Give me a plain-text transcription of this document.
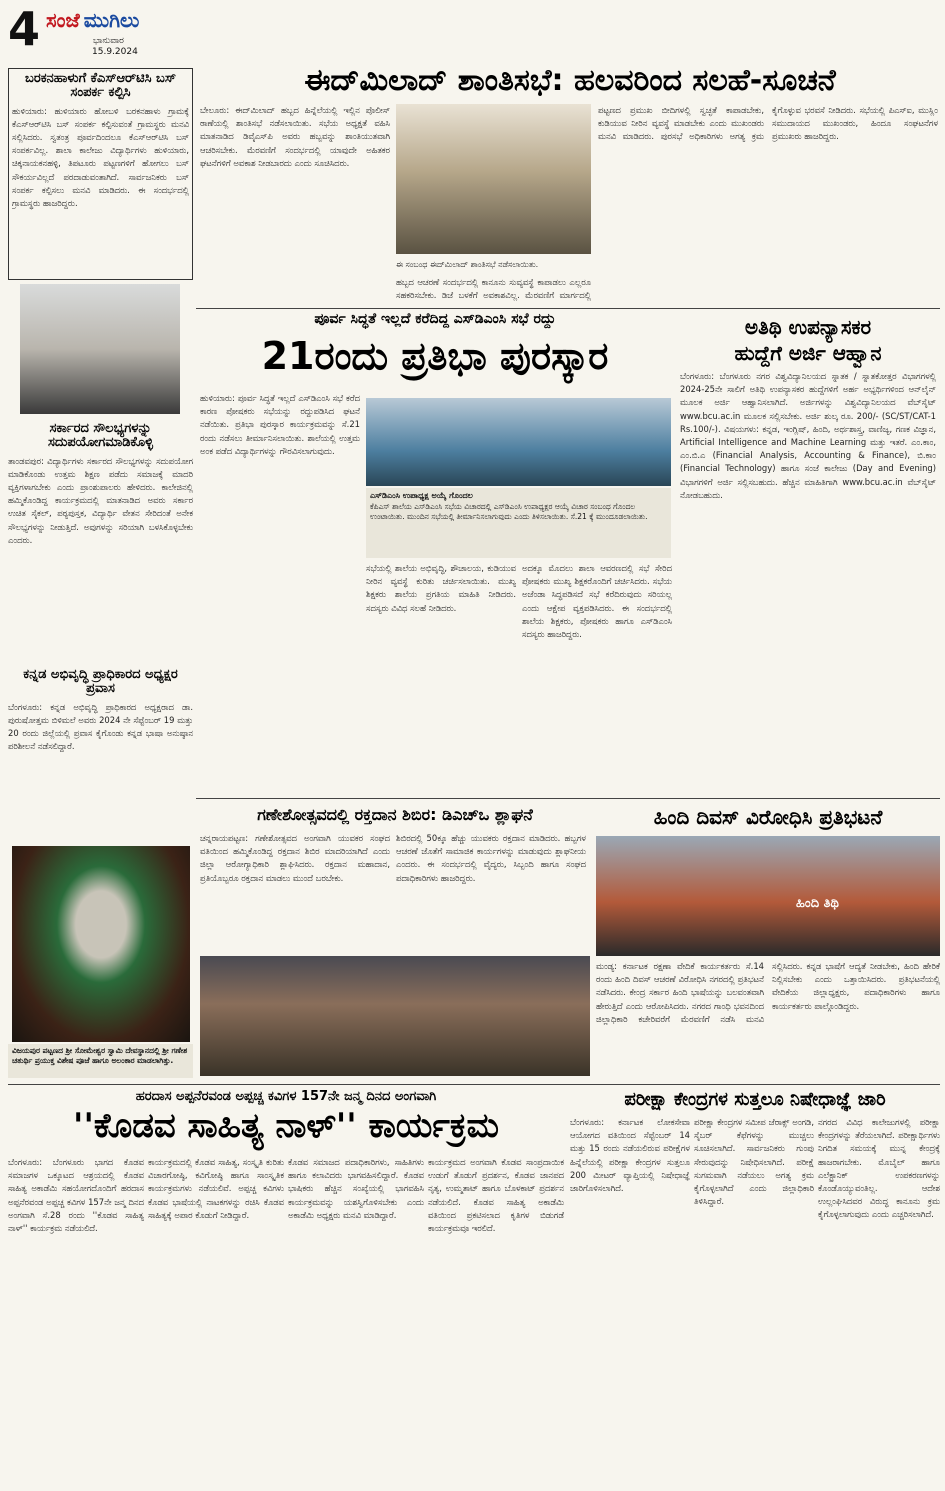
4 ಸಂಜೆ ಮುಗಿಲು
ಭಾನುವಾರ
15.9.2024
ಬರಕನಹಾಳುಗೆ ಕೆಎಸ್‌ಆರ್‌ಟಿಸಿ ಬಸ್ ಸಂಪರ್ಕ ಕಲ್ಪಿಸಿ
ಹುಳಿಯಾರು: ಹುಳಿಯಾರು ಹೋಬಳಿ ಬರಕನಹಾಳು ಗ್ರಾಮಕ್ಕೆ ಕೆಎಸ್‌ಆರ್‌ಟಿಸಿ ಬಸ್ ಸಂಪರ್ಕ ಕಲ್ಪಿಸುವಂತೆ ಗ್ರಾಮಸ್ಥರು ಮನವಿ ಸಲ್ಲಿಸಿದರು. ಸ್ವತಂತ್ರ ಪೂರ್ವದಿಂದಲೂ ಕೆಎಸ್‌ಆರ್‌ಟಿಸಿ ಬಸ್ ಸಂಪರ್ಕವಿಲ್ಲ. ಶಾಲಾ ಕಾಲೇಜು ವಿದ್ಯಾರ್ಥಿಗಳು ಹುಳಿಯಾರು, ಚಿಕ್ಕನಾಯಕನಹಳ್ಳಿ, ತಿಪಟೂರು ಪಟ್ಟಣಗಳಿಗೆ ಹೋಗಲು ಬಸ್ ಸೌಕರ್ಯವಿಲ್ಲದೆ ಪರದಾಡುವಂತಾಗಿದೆ. ಸಾರ್ವಜನಿಕರು ಬಸ್ ಸಂಪರ್ಕ ಕಲ್ಪಿಸಲು ಮನವಿ ಮಾಡಿದರು. ಈ ಸಂದರ್ಭದಲ್ಲಿ ಗ್ರಾಮಸ್ಥರು ಹಾಜರಿದ್ದರು.
ಸರ್ಕಾರದ ಸೌಲಭ್ಯಗಳನ್ನು ಸದುಪಯೋಗಮಾಡಿಕೊಳ್ಳಿ
ತಾಂಡವಪುರ: ವಿದ್ಯಾರ್ಥಿಗಳು ಸರ್ಕಾರದ ಸೌಲಭ್ಯಗಳನ್ನು ಸದುಪಯೋಗ ಮಾಡಿಕೊಂಡು ಉತ್ತಮ ಶಿಕ್ಷಣ ಪಡೆದು ಸಮಾಜಕ್ಕೆ ಮಾದರಿ ವ್ಯಕ್ತಿಗಳಾಗಬೇಕು ಎಂದು ಪ್ರಾಂಶುಪಾಲರು ಹೇಳಿದರು. ಕಾಲೇಜಿನಲ್ಲಿ ಹಮ್ಮಿಕೊಂಡಿದ್ದ ಕಾರ್ಯಕ್ರಮದಲ್ಲಿ ಮಾತನಾಡಿದ ಅವರು ಸರ್ಕಾರ ಉಚಿತ ಸೈಕಲ್, ಪಠ್ಯಪುಸ್ತಕ, ವಿದ್ಯಾರ್ಥಿ ವೇತನ ಸೇರಿದಂತೆ ಅನೇಕ ಸೌಲಭ್ಯಗಳನ್ನು ನೀಡುತ್ತಿದೆ. ಅವುಗಳನ್ನು ಸರಿಯಾಗಿ ಬಳಸಿಕೊಳ್ಳಬೇಕು ಎಂದರು.
ಕನ್ನಡ ಅಭಿವೃದ್ಧಿ ಪ್ರಾಧಿಕಾರದ ಅಧ್ಯಕ್ಷರ ಪ್ರವಾಸ
ಬೆಂಗಳೂರು: ಕನ್ನಡ ಅಭಿವೃದ್ಧಿ ಪ್ರಾಧಿಕಾರದ ಅಧ್ಯಕ್ಷರಾದ ಡಾ. ಪುರುಷೋತ್ತಮ ಬಿಳಿಮಲೆ ಅವರು 2024 ನೇ ಸೆಪ್ಟೆಂಬರ್ 19 ಮತ್ತು 20 ರಂದು ಜಿಲ್ಲೆಯಲ್ಲಿ ಪ್ರವಾಸ ಕೈಗೊಂಡು ಕನ್ನಡ ಭಾಷಾ ಅನುಷ್ಠಾನ ಪರಿಶೀಲನೆ ನಡೆಸಲಿದ್ದಾರೆ.
ವಿಜಯಪುರ ಪಟ್ಟಣದ ಶ್ರೀ ಸೋಮೇಶ್ವರ ಸ್ವಾಮಿ ದೇವಸ್ಥಾನದಲ್ಲಿ ಶ್ರೀ ಗಣೇಶ ಚತುರ್ಥಿ ಪ್ರಯುಕ್ತ ವಿಶೇಷ ಪೂಜೆ ಹಾಗೂ ಅಲಂಕಾರ ಮಾಡಲಾಗಿತ್ತು.
ಈದ್‌ಮಿಲಾದ್ ಶಾಂತಿಸಭೆ: ಹಲವರಿಂದ ಸಲಹೆ-ಸೂಚನೆ
ಬೇಲೂರು: ಈದ್‌ಮಿಲಾದ್ ಹಬ್ಬದ ಹಿನ್ನೆಲೆಯಲ್ಲಿ ಇಲ್ಲಿನ ಪೊಲೀಸ್ ಠಾಣೆಯಲ್ಲಿ ಶಾಂತಿಸಭೆ ನಡೆಸಲಾಯಿತು. ಸಭೆಯ ಅಧ್ಯಕ್ಷತೆ ವಹಿಸಿ ಮಾತನಾಡಿದ ಡಿವೈಎಸ್‌ಪಿ ಅವರು ಹಬ್ಬವನ್ನು ಶಾಂತಿಯುತವಾಗಿ ಆಚರಿಸಬೇಕು. ಮೆರವಣಿಗೆ ಸಂದರ್ಭದಲ್ಲಿ ಯಾವುದೇ ಅಹಿತಕರ ಘಟನೆಗಳಿಗೆ ಅವಕಾಶ ನೀಡಬಾರದು ಎಂದು ಸೂಚಿಸಿದರು.
ಈ ಸಂಬಂಧ ಈದ್‌ಮಿಲಾದ್ ಶಾಂತಿಸಭೆ ನಡೆಸಲಾಯಿತು.
ಹಬ್ಬದ ಆಚರಣೆ ಸಂದರ್ಭದಲ್ಲಿ ಕಾನೂನು ಸುವ್ಯವಸ್ಥೆ ಕಾಪಾಡಲು ಎಲ್ಲರೂ ಸಹಕರಿಸಬೇಕು. ಡಿಜೆ ಬಳಕೆಗೆ ಅವಕಾಶವಿಲ್ಲ. ಮೆರವಣಿಗೆ ಮಾರ್ಗದಲ್ಲಿ
ಪಟ್ಟಣದ ಪ್ರಮುಖ ಬೀದಿಗಳಲ್ಲಿ ಸ್ವಚ್ಛತೆ ಕಾಪಾಡಬೇಕು, ಕುಡಿಯುವ ನೀರಿನ ವ್ಯವಸ್ಥೆ ಮಾಡಬೇಕು ಎಂದು ಮುಖಂಡರು ಮನವಿ ಮಾಡಿದರು. ಪುರಸಭೆ ಅಧಿಕಾರಿಗಳು ಅಗತ್ಯ ಕ್ರಮ ಕೈಗೊಳ್ಳುವ ಭರವಸೆ ನೀಡಿದರು. ಸಭೆಯಲ್ಲಿ ಪಿಎಸ್‌ಐ, ಮುಸ್ಲಿಂ ಸಮುದಾಯದ ಮುಖಂಡರು, ಹಿಂದೂ ಸಂಘಟನೆಗಳ ಪ್ರಮುಖರು ಹಾಜರಿದ್ದರು.
ಪೂರ್ವ ಸಿದ್ಧತೆ ಇಲ್ಲದೆ ಕರೆದಿದ್ದ ಎಸ್‌ಡಿಎಂಸಿ ಸಭೆ ರದ್ದು
21ರಂದು ಪ್ರತಿಭಾ ಪುರಸ್ಕಾರ
ಹುಳಿಯಾರು: ಪೂರ್ವ ಸಿದ್ಧತೆ ಇಲ್ಲದೆ ಎಸ್‌ಡಿಎಂಸಿ ಸಭೆ ಕರೆದ ಕಾರಣ ಪೋಷಕರು ಸಭೆಯನ್ನು ರದ್ದುಪಡಿಸಿದ ಘಟನೆ ನಡೆಯಿತು. ಪ್ರತಿಭಾ ಪುರಸ್ಕಾರ ಕಾರ್ಯಕ್ರಮವನ್ನು ಸೆ.21 ರಂದು ನಡೆಸಲು ತೀರ್ಮಾನಿಸಲಾಯಿತು. ಶಾಲೆಯಲ್ಲಿ ಉತ್ತಮ ಅಂಕ ಪಡೆದ ವಿದ್ಯಾರ್ಥಿಗಳನ್ನು ಗೌರವಿಸಲಾಗುವುದು.
ಎಸ್‌ಡಿಎಂಸಿ ಉಪಾಧ್ಯಕ್ಷ ಅಯ್ಕೆ ಗೊಂದಲ
ಕೆಪಿಎಸ್ ಶಾಲೆಯ ಎಸ್‌ಡಿಎಂಸಿ ಸಭೆಯ ವಿಚಾರದಲ್ಲಿ ಎಸ್‌ಡಿಎಂಸಿ ಉಪಾಧ್ಯಕ್ಷರ ಆಯ್ಕೆ ವಿಚಾರ ಸಂಬಂಧ ಗೊಂದಲ ಉಂಟಾಯಿತು. ಮುಂದಿನ ಸಭೆಯಲ್ಲಿ ತೀರ್ಮಾನಿಸಲಾಗುವುದು ಎಂದು ತಿಳಿಸಲಾಯಿತು. ಸೆ.21 ಕ್ಕೆ ಮುಂದೂಡಲಾಯಿತು.
ಸಭೆಯಲ್ಲಿ ಶಾಲೆಯ ಅಭಿವೃದ್ಧಿ, ಶೌಚಾಲಯ, ಕುಡಿಯುವ ನೀರಿನ ವ್ಯವಸ್ಥೆ ಕುರಿತು ಚರ್ಚಿಸಲಾಯಿತು. ಮುಖ್ಯ ಶಿಕ್ಷಕರು ಶಾಲೆಯ ಪ್ರಗತಿಯ ಮಾಹಿತಿ ನೀಡಿದರು. ಸದಸ್ಯರು ವಿವಿಧ ಸಲಹೆ ನೀಡಿದರು.
ಅದಕ್ಕೂ ಮೊದಲು ಶಾಲಾ ಆವರಣದಲ್ಲಿ ಸಭೆ ಸೇರಿದ ಪೋಷಕರು ಮುಖ್ಯ ಶಿಕ್ಷಕರೊಂದಿಗೆ ಚರ್ಚಿಸಿದರು. ಸಭೆಯ ಅಜೆಂಡಾ ಸಿದ್ಧಪಡಿಸದೆ ಸಭೆ ಕರೆದಿರುವುದು ಸರಿಯಲ್ಲ ಎಂದು ಆಕ್ಷೇಪ ವ್ಯಕ್ತಪಡಿಸಿದರು. ಈ ಸಂದರ್ಭದಲ್ಲಿ ಶಾಲೆಯ ಶಿಕ್ಷಕರು, ಪೋಷಕರು ಹಾಗೂ ಎಸ್‌ಡಿಎಂಸಿ ಸದಸ್ಯರು ಹಾಜರಿದ್ದರು.
ಅತಿಥಿ ಉಪನ್ಯಾಸಕರ
ಹುದ್ದೆಗೆ ಅರ್ಜಿ ಆಹ್ವಾನ
ಬೆಂಗಳೂರು: ಬೆಂಗಳೂರು ನಗರ ವಿಶ್ವವಿದ್ಯಾನಿಲಯದ ಸ್ನಾತಕ / ಸ್ನಾತಕೋತ್ತರ ವಿಭಾಗಗಳಲ್ಲಿ 2024-25ನೇ ಸಾಲಿಗೆ ಅತಿಥಿ ಉಪನ್ಯಾಸಕರ ಹುದ್ದೆಗಳಿಗೆ ಅರ್ಹ ಅಭ್ಯರ್ಥಿಗಳಿಂದ ಆನ್‌ಲೈನ್ ಮೂಲಕ ಅರ್ಜಿ ಆಹ್ವಾನಿಸಲಾಗಿದೆ. ಅರ್ಜಿಗಳನ್ನು ವಿಶ್ವವಿದ್ಯಾನಿಲಯದ ವೆಬ್‌ಸೈಟ್ www.bcu.ac.in ಮೂಲಕ ಸಲ್ಲಿಸಬೇಕು. ಅರ್ಜಿ ಶುಲ್ಕ ರೂ. 200/- (SC/ST/CAT-1 Rs.100/-). ವಿಷಯಗಳು: ಕನ್ನಡ, ಇಂಗ್ಲಿಷ್, ಹಿಂದಿ, ಅರ್ಥಶಾಸ್ತ್ರ, ವಾಣಿಜ್ಯ, ಗಣಕ ವಿಜ್ಞಾನ, Artificial Intelligence and Machine Learning ಮತ್ತು ಇತರೆ. ಎಂ.ಕಾಂ, ಎಂ.ಬಿ.ಎ (Financial Analysis, Accounting & Finance), ಬಿ.ಕಾಂ (Financial Technology) ಹಾಗೂ ಸಂಜೆ ಕಾಲೇಜು (Day and Evening) ವಿಭಾಗಗಳಿಗೆ ಅರ್ಜಿ ಸಲ್ಲಿಸಬಹುದು. ಹೆಚ್ಚಿನ ಮಾಹಿತಿಗಾಗಿ www.bcu.ac.in ವೆಬ್‌ಸೈಟ್ ನೋಡಬಹುದು.
ಗಣೇಶೋತ್ಸವದಲ್ಲಿ ರಕ್ತದಾನ ಶಿಬಿರ: ಡಿಎಚ್‌ಒ ಶ್ಲಾಘನೆ
ಚನ್ನರಾಯಪಟ್ಟಣ: ಗಣೇಶೋತ್ಸವದ ಅಂಗವಾಗಿ ಯುವಕರ ಸಂಘದ ವತಿಯಿಂದ ಹಮ್ಮಿಕೊಂಡಿದ್ದ ರಕ್ತದಾನ ಶಿಬಿರ ಮಾದರಿಯಾಗಿದೆ ಎಂದು ಜಿಲ್ಲಾ ಆರೋಗ್ಯಾಧಿಕಾರಿ ಶ್ಲಾಘಿಸಿದರು. ರಕ್ತದಾನ ಮಹಾದಾನ, ಪ್ರತಿಯೊಬ್ಬರೂ ರಕ್ತದಾನ ಮಾಡಲು ಮುಂದೆ ಬರಬೇಕು.
ಶಿಬಿರದಲ್ಲಿ 50ಕ್ಕೂ ಹೆಚ್ಚು ಯುವಕರು ರಕ್ತದಾನ ಮಾಡಿದರು. ಹಬ್ಬಗಳ ಆಚರಣೆ ಜೊತೆಗೆ ಸಾಮಾಜಿಕ ಕಾರ್ಯಗಳನ್ನು ಮಾಡುವುದು ಶ್ಲಾಘನೀಯ ಎಂದರು. ಈ ಸಂದರ್ಭದಲ್ಲಿ ವೈದ್ಯರು, ಸಿಬ್ಬಂದಿ ಹಾಗೂ ಸಂಘದ ಪದಾಧಿಕಾರಿಗಳು ಹಾಜರಿದ್ದರು.
ಹಿಂದಿ ದಿವಸ್ ವಿರೋಧಿಸಿ ಪ್ರತಿಭಟನೆ
ಹಿಂದಿ ತಿಥಿ
ಮಂಡ್ಯ: ಕರ್ನಾಟಕ ರಕ್ಷಣಾ ವೇದಿಕೆ ಕಾರ್ಯಕರ್ತರು ಸೆ.14 ರಂದು ಹಿಂದಿ ದಿವಸ್ ಆಚರಣೆ ವಿರೋಧಿಸಿ ನಗರದಲ್ಲಿ ಪ್ರತಿಭಟನೆ ನಡೆಸಿದರು. ಕೇಂದ್ರ ಸರ್ಕಾರ ಹಿಂದಿ ಭಾಷೆಯನ್ನು ಬಲವಂತವಾಗಿ ಹೇರುತ್ತಿದೆ ಎಂದು ಆರೋಪಿಸಿದರು. ನಗರದ ಗಾಂಧಿ ಭವನದಿಂದ ಜಿಲ್ಲಾಧಿಕಾರಿ ಕಚೇರಿವರೆಗೆ ಮೆರವಣಿಗೆ ನಡೆಸಿ ಮನವಿ ಸಲ್ಲಿಸಿದರು. ಕನ್ನಡ ಭಾಷೆಗೆ ಆದ್ಯತೆ ನೀಡಬೇಕು, ಹಿಂದಿ ಹೇರಿಕೆ ನಿಲ್ಲಿಸಬೇಕು ಎಂದು ಒತ್ತಾಯಿಸಿದರು. ಪ್ರತಿಭಟನೆಯಲ್ಲಿ ವೇದಿಕೆಯ ಜಿಲ್ಲಾಧ್ಯಕ್ಷರು, ಪದಾಧಿಕಾರಿಗಳು ಹಾಗೂ ಕಾರ್ಯಕರ್ತರು ಪಾಲ್ಗೊಂಡಿದ್ದರು.
ಹರದಾಸ ಅಪ್ಪನೆರವಂಡ ಅಪ್ಪಚ್ಚ ಕವಿಗಳ 157ನೇ ಜನ್ಮ ದಿನದ ಅಂಗವಾಗಿ
''ಕೊಡವ ಸಾಹಿತ್ಯ ನಾಳ್'' ಕಾರ್ಯಕ್ರಮ
ಬೆಂಗಳೂರು: ಬೆಂಗಳೂರು ಭಾಗದ ಕೊಡವ ಸಮಾಜಗಳ ಒಕ್ಕೂಟದ ಆಶ್ರಯದಲ್ಲಿ ಕೊಡವ ಸಾಹಿತ್ಯ ಅಕಾಡೆಮಿ ಸಹಯೋಗದೊಂದಿಗೆ ಹರದಾಸ ಅಪ್ಪನೆರವಂಡ ಅಪ್ಪಚ್ಚ ಕವಿಗಳ 157ನೇ ಜನ್ಮ ದಿನದ ಅಂಗವಾಗಿ ಸೆ.28 ರಂದು ''ಕೊಡವ ಸಾಹಿತ್ಯ ನಾಳ್'' ಕಾರ್ಯಕ್ರಮ ನಡೆಯಲಿದೆ.
ಕಾರ್ಯಕ್ರಮದಲ್ಲಿ ಕೊಡವ ಸಾಹಿತ್ಯ, ಸಂಸ್ಕೃತಿ ಕುರಿತು ವಿಚಾರಗೋಷ್ಠಿ, ಕವಿಗೋಷ್ಠಿ ಹಾಗೂ ಸಾಂಸ್ಕೃತಿಕ ಕಾರ್ಯಕ್ರಮಗಳು ನಡೆಯಲಿವೆ. ಅಪ್ಪಚ್ಚ ಕವಿಗಳು ಕೊಡವ ಭಾಷೆಯಲ್ಲಿ ನಾಟಕಗಳನ್ನು ರಚಿಸಿ ಕೊಡವ ಸಾಹಿತ್ಯಕ್ಕೆ ಅಪಾರ ಕೊಡುಗೆ ನೀಡಿದ್ದಾರೆ.
ಕೊಡವ ಸಮಾಜದ ಪದಾಧಿಕಾರಿಗಳು, ಸಾಹಿತಿಗಳು ಹಾಗೂ ಕಲಾವಿದರು ಭಾಗವಹಿಸಲಿದ್ದಾರೆ. ಕೊಡವ ಭಾಷಿಕರು ಹೆಚ್ಚಿನ ಸಂಖ್ಯೆಯಲ್ಲಿ ಭಾಗವಹಿಸಿ ಕಾರ್ಯಕ್ರಮವನ್ನು ಯಶಸ್ವಿಗೊಳಿಸಬೇಕು ಎಂದು ಅಕಾಡೆಮಿ ಅಧ್ಯಕ್ಷರು ಮನವಿ ಮಾಡಿದ್ದಾರೆ.
ಕಾರ್ಯಕ್ರಮದ ಅಂಗವಾಗಿ ಕೊಡವ ಸಾಂಪ್ರದಾಯಿಕ ಉಡುಗೆ ತೊಡುಗೆ ಪ್ರದರ್ಶನ, ಕೊಡವ ಜಾನಪದ ನೃತ್ಯ, ಉಮ್ಮತಾಟ್ ಹಾಗೂ ಬೊಳಕಾಟ್ ಪ್ರದರ್ಶನ ನಡೆಯಲಿದೆ. ಕೊಡವ ಸಾಹಿತ್ಯ ಅಕಾಡೆಮಿ ವತಿಯಿಂದ ಪ್ರಕಟಿಸಲಾದ ಕೃತಿಗಳ ಬಿಡುಗಡೆ ಕಾರ್ಯಕ್ರಮವೂ ಇರಲಿದೆ.
ಪರೀಕ್ಷಾ ಕೇಂದ್ರಗಳ ಸುತ್ತಲೂ ನಿಷೇಧಾಜ್ಞೆ ಜಾರಿ
ಬೆಂಗಳೂರು: ಕರ್ನಾಟಕ ಲೋಕಸೇವಾ ಆಯೋಗದ ವತಿಯಿಂದ ಸೆಪ್ಟೆಂಬರ್ 14 ಮತ್ತು 15 ರಂದು ನಡೆಯಲಿರುವ ಪರೀಕ್ಷೆಗಳ ಹಿನ್ನೆಲೆಯಲ್ಲಿ ಪರೀಕ್ಷಾ ಕೇಂದ್ರಗಳ ಸುತ್ತಲೂ 200 ಮೀಟರ್ ವ್ಯಾಪ್ತಿಯಲ್ಲಿ ನಿಷೇಧಾಜ್ಞೆ ಜಾರಿಗೊಳಿಸಲಾಗಿದೆ.
ಪರೀಕ್ಷಾ ಕೇಂದ್ರಗಳ ಸಮೀಪ ಜೆರಾಕ್ಸ್ ಅಂಗಡಿ, ಸೈಬರ್ ಕೆಫೆಗಳನ್ನು ಮುಚ್ಚಲು ಸೂಚಿಸಲಾಗಿದೆ. ಸಾರ್ವಜನಿಕರು ಗುಂಪು ಸೇರುವುದನ್ನು ನಿಷೇಧಿಸಲಾಗಿದೆ. ಪರೀಕ್ಷೆ ಸುಗಮವಾಗಿ ನಡೆಯಲು ಅಗತ್ಯ ಕ್ರಮ ಕೈಗೊಳ್ಳಲಾಗಿದೆ ಎಂದು ಜಿಲ್ಲಾಧಿಕಾರಿ ತಿಳಿಸಿದ್ದಾರೆ.
ನಗರದ ವಿವಿಧ ಕಾಲೇಜುಗಳಲ್ಲಿ ಪರೀಕ್ಷಾ ಕೇಂದ್ರಗಳನ್ನು ತೆರೆಯಲಾಗಿದೆ. ಪರೀಕ್ಷಾರ್ಥಿಗಳು ನಿಗದಿತ ಸಮಯಕ್ಕೆ ಮುನ್ನ ಕೇಂದ್ರಕ್ಕೆ ಹಾಜರಾಗಬೇಕು. ಮೊಬೈಲ್ ಹಾಗೂ ಎಲೆಕ್ಟ್ರಾನಿಕ್ ಉಪಕರಣಗಳನ್ನು ಕೊಂಡೊಯ್ಯುವಂತಿಲ್ಲ. ಆದೇಶ ಉಲ್ಲಂಘಿಸಿದವರ ವಿರುದ್ಧ ಕಾನೂನು ಕ್ರಮ ಕೈಗೊಳ್ಳಲಾಗುವುದು ಎಂದು ಎಚ್ಚರಿಸಲಾಗಿದೆ.
